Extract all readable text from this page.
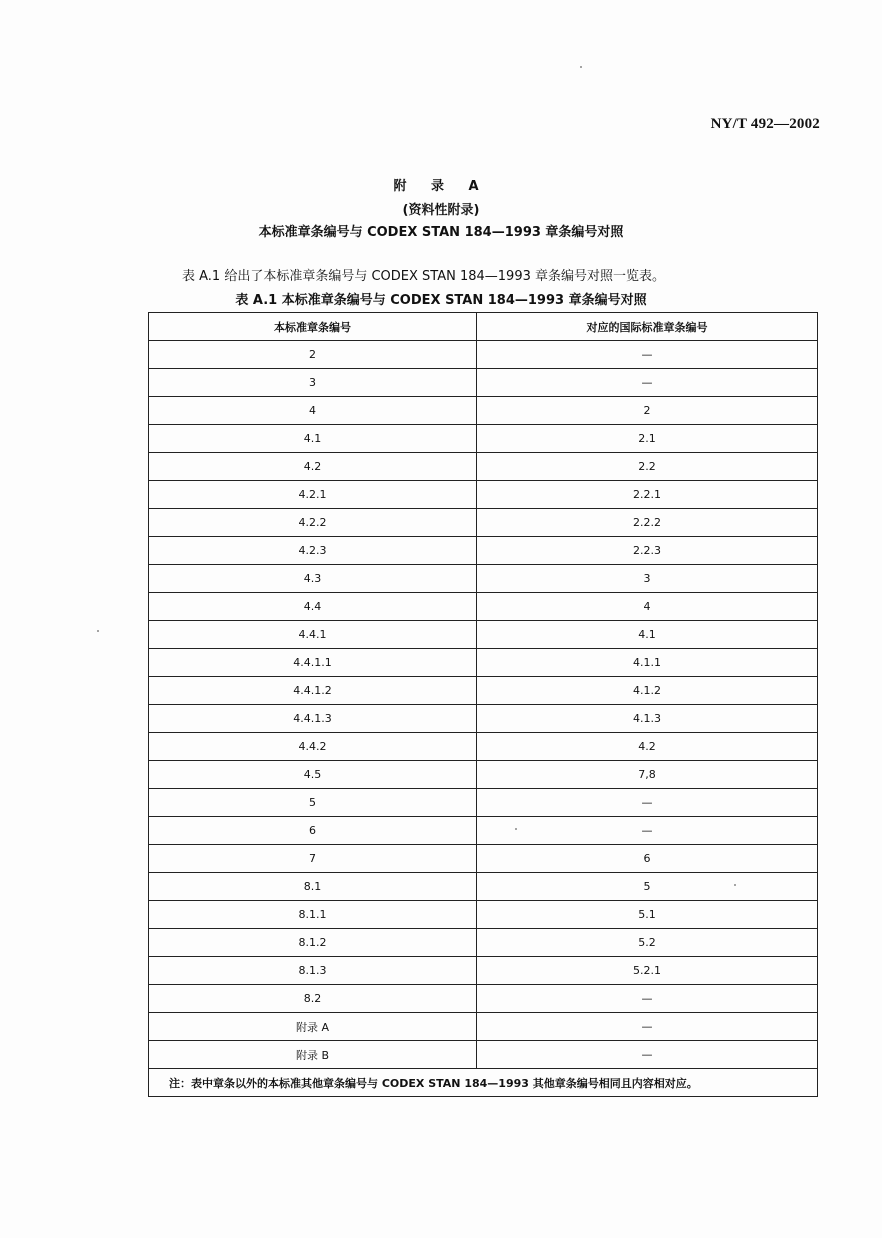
NY/T 492—2002
附 录 A
(资料性附录)
本标准章条编号与 CODEX STAN 184—1993 章条编号对照
表 A.1 给出了本标准章条编号与 CODEX STAN 184—1993 章条编号对照一览表。
表 A.1 本标准章条编号与 CODEX STAN 184—1993 章条编号对照
本标准章条编号	对应的国际标准章条编号
2	—
3	—
4	2
4.1	2.1
4.2	2.2
4.2.1	2.2.1
4.2.2	2.2.2
4.2.3	2.2.3
4.3	3
4.4	4
4.4.1	4.1
4.4.1.1	4.1.1
4.4.1.2	4.1.2
4.4.1.3	4.1.3
4.4.2	4.2
4.5	7,8
5	—
6	—
7	6
8.1	5
8.1.1	5.1
8.1.2	5.2
8.1.3	5.2.1
8.2	—
附录 A	—
附录 B	—
注：表中章条以外的本标准其他章条编号与 CODEX STAN 184—1993 其他章条编号相同且内容相对应。	
